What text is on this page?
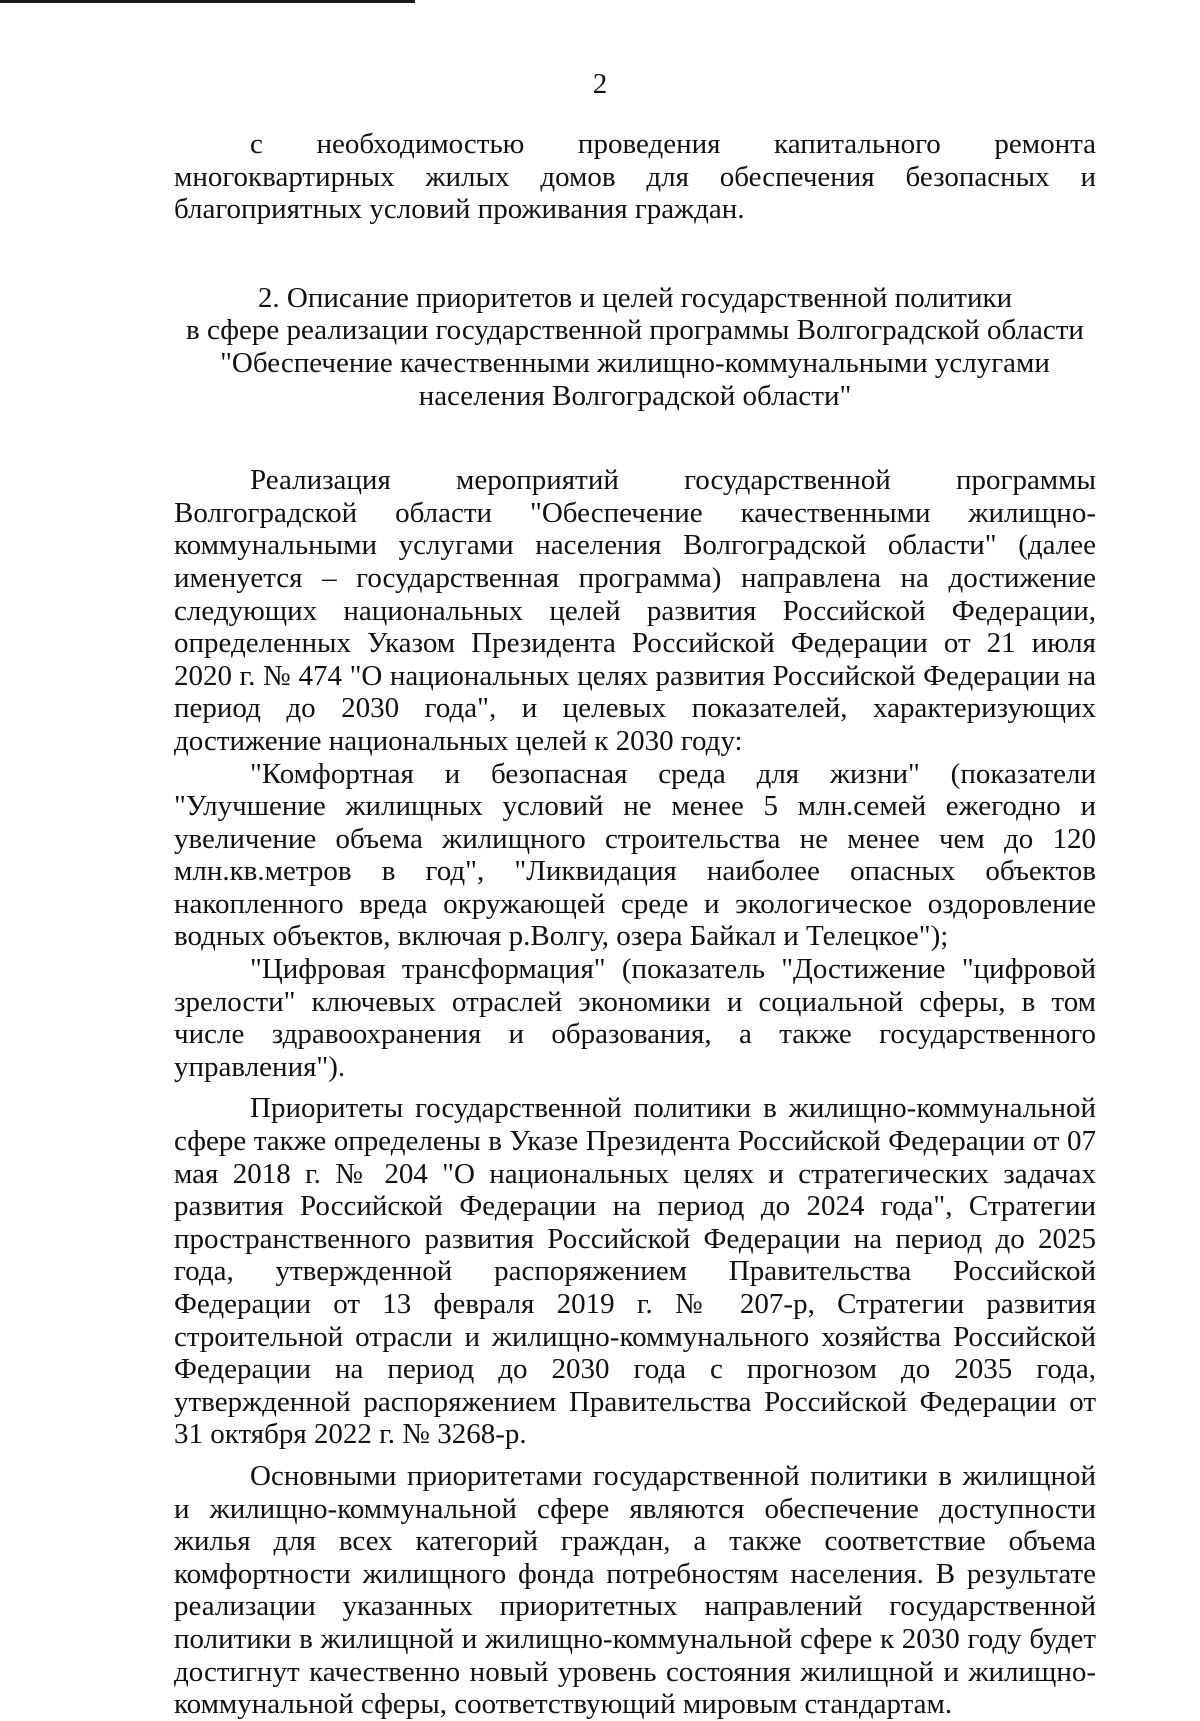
2

с необходимостью проведения капитального ремонта многоквартирных жилых домов для обеспечения безопасных и благоприятных условий проживания граждан.

2. Описание приоритетов и целей государственной политики
в сфере реализации государственной программы Волгоградской области
"Обеспечение качественными жилищно-коммунальными услугами
населения Волгоградской области"

Реализация мероприятий государственной программы Волгоградской области "Обеспечение качественными жилищно-коммунальными услугами населения Волгоградской области" (далее именуется – государственная программа) направлена на достижение следующих национальных целей развития Российской Федерации, определенных Указом Президента Российской Федерации от 21 июля 2020 г. № 474 "О национальных целях развития Российской Федерации на период до 2030 года", и целевых показателей, характеризующих достижение национальных целей к 2030 году:

"Комфортная и безопасная среда для жизни" (показатели "Улучшение жилищных условий не менее 5 млн.семей ежегодно и увеличение объема жилищного строительства не менее чем до 120 млн.кв.метров в год", "Ликвидация наиболее опасных объектов накопленного вреда окружающей среде и экологическое оздоровление водных объектов, включая р.Волгу, озера Байкал и Телецкое");

"Цифровая трансформация" (показатель "Достижение "цифровой зрелости" ключевых отраслей экономики и социальной сферы, в том числе здравоохранения и образования, а также государственного управления").

Приоритеты государственной политики в жилищно-коммунальной сфере также определены в Указе Президента Российской Федерации от 07 мая 2018 г. № 204 "О национальных целях и стратегических задачах развития Российской Федерации на период до 2024 года", Стратегии пространственного развития Российской Федерации на период до 2025 года, утвержденной распоряжением Правительства Российской Федерации от 13 февраля 2019 г. № 207-р, Стратегии развития строительной отрасли и жилищно-коммунального хозяйства Российской Федерации на период до 2030 года с прогнозом до 2035 года, утвержденной распоряжением Правительства Российской Федерации от 31 октября 2022 г. № 3268-р.

Основными приоритетами государственной политики в жилищной и жилищно-коммунальной сфере являются обеспечение доступности жилья для всех категорий граждан, а также соответствие объема комфортности жилищного фонда потребностям населения. В результате реализации указанных приоритетных направлений государственной политики в жилищной и жилищно-коммунальной сфере к 2030 году будет достигнут качественно новый уровень состояния жилищной и жилищно-коммунальной сферы, соответствующий мировым стандартам.
